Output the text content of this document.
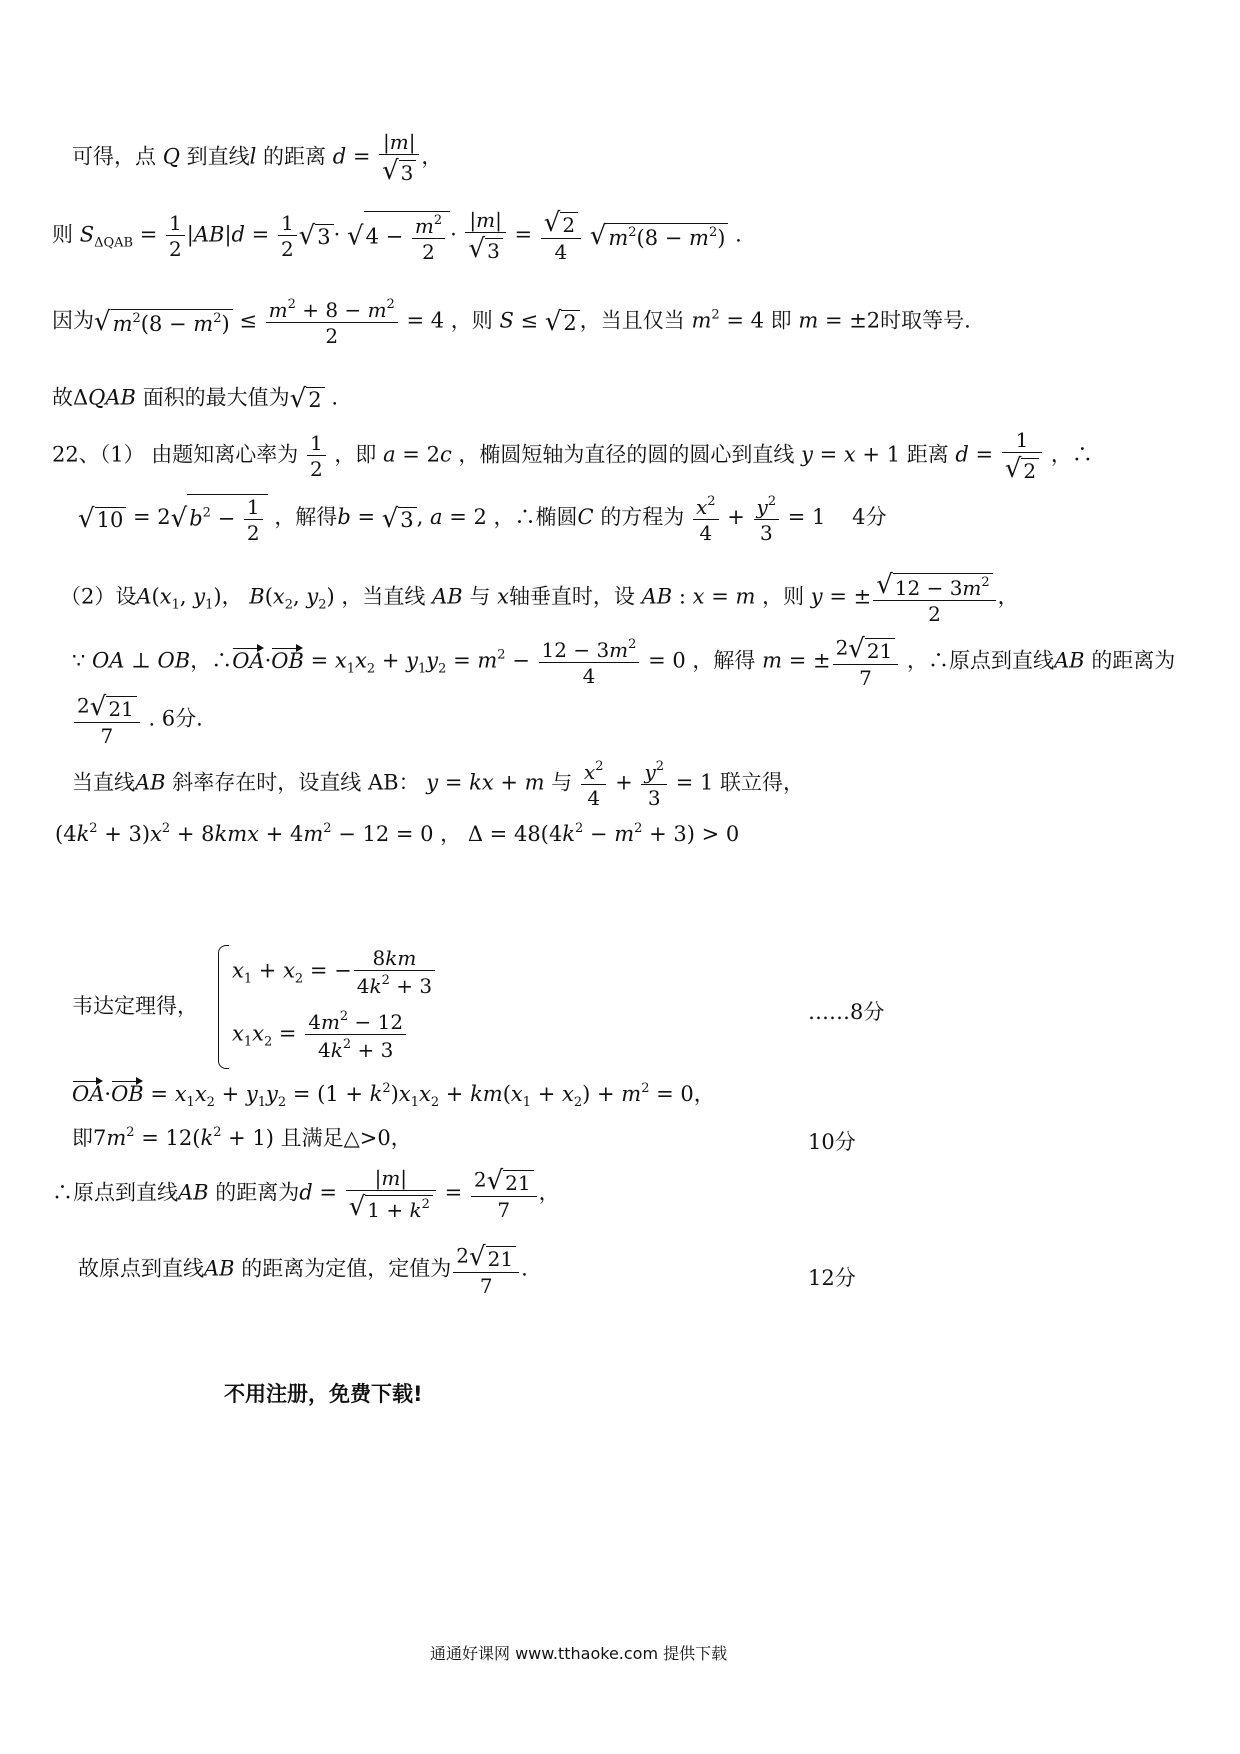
可得，点 Q 到直线l 的距离 $d = \frac{|m|}{√ 3}$ ，
则 $S_{\Delta QAB} = \frac{1}{2} |AB|d = \frac{1}{2} √3 \cdot √4 - \frac{m^2}{2} \cdot \frac{|m|}{√ 3} = \frac{√ 2}{4} √m^2(8 - m^2)$ .
因为$√m^2(8 - m^2) \le \frac{m^2 + 8 - m^2}{2} = 4$ ，则 S ≤ √2 ，当且仅当 $m^2 = 4$ 即 m = ±2时取等号.
故ΔQAB 面积的最大值为√2 .
22、（1） 由题知离心率为 $\frac{1}{2}$ ，即 a = 2c ，椭圆短轴为直径的圆的圆心到直线 y = x + 1 距离 $d = \frac{1}{√ 2}$ ，∴
$√10 = 2√b^2 - \frac{1}{2}$ ，解得b = √3 , a = 2 ，∴椭圆C 的方程为 $\frac{x^2}{4} + \frac{y^2}{3} = 1$    4分
（2）设$A(x_1$, $y_1$)， $B(x_2$, $y_2$) ，当直线 AB 与 x轴垂直时，设 AB : x = m ，则 y = ± $\frac{√ 12 - 3m^2}{2}$ ，
∵ OA ⊥ OB，∴OA·OB = $x_1x_2 + y_1y_2 = m^2 - \frac{12 - 3m^2}{4} = 0$ ，解得 m = ± $\frac{2√ 21}{7}$ ，∴原点到直线AB 的距离为
$\frac{2√ 21}{7}$ . 6分.
当直线AB 斜率存在时，设直线 AB： y = kx + m 与 $\frac{x^2}{4} + \frac{y^2}{3} = 1$ 联立得，
$(4k^2 + 3)x^2 + 8kmx + 4m^2 - 12 = 0$ ， $\Delta = 48(4k^2 - m^2 + 3) > 0$
韦达定理得，
$x_1 + x_2$ = − $\frac{8km}{4k^2 + 3}$
$x_1x_2 = \frac{4m^2 - 12}{4k^2 + 3}$	……8分
$OA\cdot OB = x_1x_2 + y_1y_2 = (1 + k^2)x_1x_2 + km(x_1 + x_2) + m^2 = 0$，
即$7m^2 = 12(k^2 + 1)$ 且满足△>0，	10分
∴原点到直线AB 的距离为$d = \frac{|m|}{√ 1 + k^2} = \frac{2√ 21}{7}$ ，
故原点到直线AB 的距离为定值，定值为 $\frac{2√ 21}{7}$ .	12分
不用注册，免费下载!
通通好课网 www.tthaoke.com 提供下载
